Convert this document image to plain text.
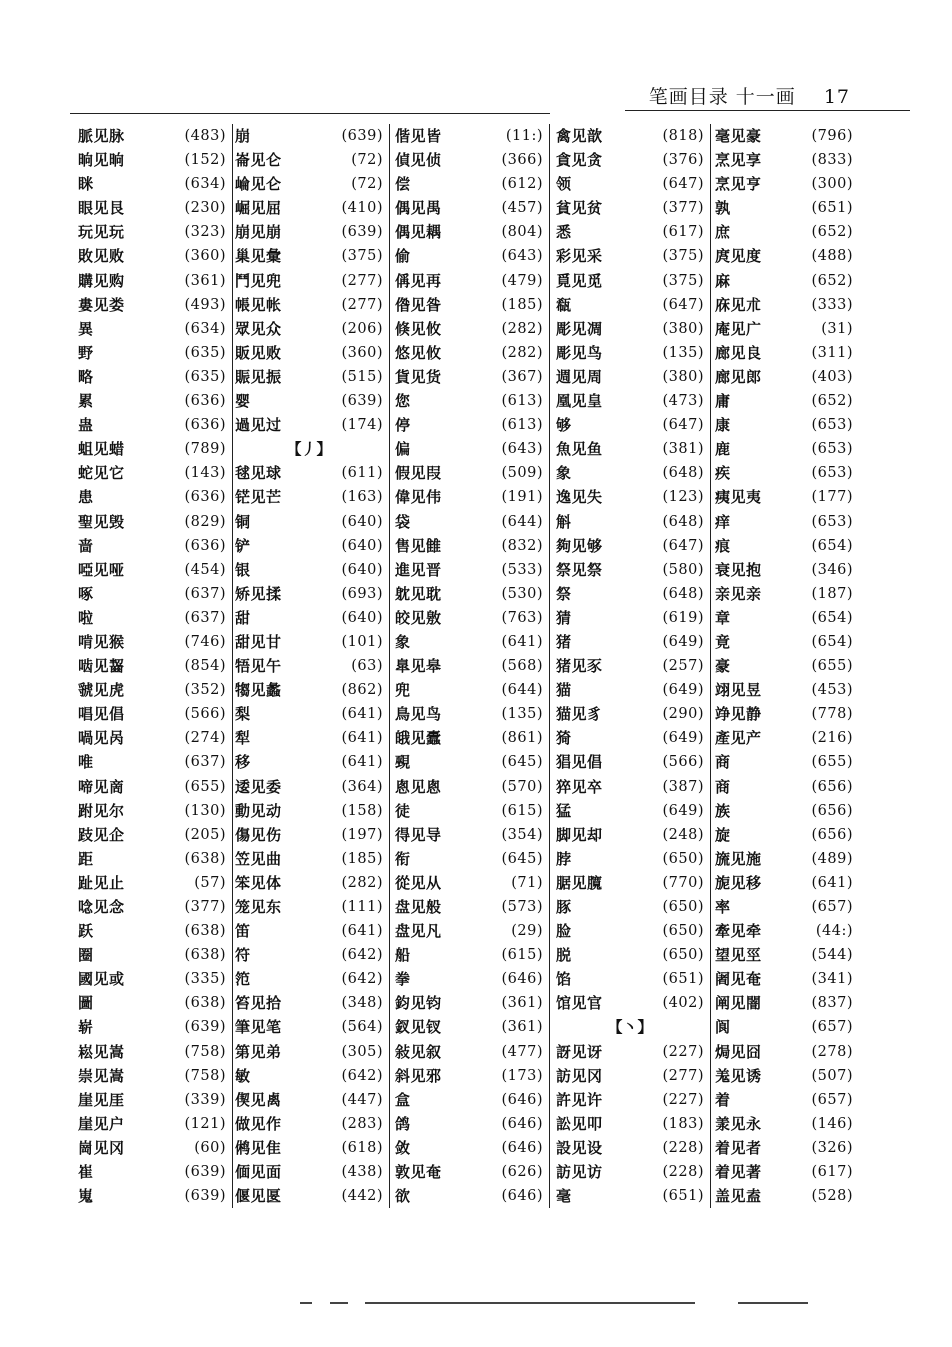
笔画目录 十一画 17
脈见脉	(483)
晌见晌	(152)
眯	(634)
眼见艮	(230)
玩见玩	(323)
敗见败	(360)
購见购	(361)
婁见娄	(493)
異	(634)
野	(635)
略	(635)
累	(636)
蛊	(636)
蛆见蜡	(789)
蛇见它	(143)
患	(636)
聖见毁	(829)
啬	(636)
啞见哑	(454)
啄	(637)
啦	(637)
啃见猴	(746)
啮见齧	(854)
虢见虎	(352)
唱见倡	(566)
喎见呙	(274)
唯	(637)
啼见啇	(655)
跗见尔	(130)
跂见企	(205)
距	(638)
趾见止	(57)
唸见念	(377)
跃	(638)
圈	(638)
國见或	(335)
圖	(638)
崭	(639)
崧见嵩	(758)
崇见嵩	(758)
崖见厓	(339)
崖见户	(121)
崗见冈	(60)
崔	(639)
嵬	(639)
崩	(639)
崙见仑	(72)
崘见仑	(72)
崛见屈	(410)
崩见崩	(639)
巢见彙	(375)
鬥见兜	(277)
帳见帐	(277)
眾见众	(206)
販见败	(360)
賑见振	(515)
婴	(639)
過见过	(174)
【丿】
毬见球	(611)
铓见芒	(163)
铜	(640)
铲	(640)
银	(640)
矫见揉	(693)
甜	(640)
甜见甘	(101)
牾见午	(63)
犓见蠡	(862)
梨	(641)
犁	(641)
移	(641)
逶见委	(364)
動见动	(158)
傷见伤	(197)
笠见曲	(185)
笨见体	(282)
笼见东	(111)
笛	(641)
符	(642)
笵	(642)
笞见拾	(348)
筆见笔	(564)
第见弟	(305)
敏	(642)
偰见禼	(447)
做见作	(283)
鸺见隹	(618)
偭见面	(438)
偃见匽	(442)
偕见皆	(11:)
偵见侦	(366)
偿	(612)
偶见禺	(457)
偶见耦	(804)
偷	(643)
偁见再	(479)
偺见昝	(185)
倏见攸	(282)
悠见攸	(282)
貨见货	(367)
您	(613)
停	(613)
偏	(643)
假见叚	(509)
偉见伟	(191)
袋	(644)
售见雔	(832)
進见晋	(533)
躭见耽	(530)
皎见敫	(763)
象	(641)
臯见皋	(568)
兜	(644)
鳥见鸟	(135)
皒见蠹	(861)
覡	(645)
悤见悤	(570)
徒	(615)
得见导	(354)
衔	(645)
從见从	(71)
盘见般	(573)
盘见凡	(29)
船	(615)
拳	(646)
鈞见钧	(361)
釵见钗	(361)
敍见叙	(477)
斜见邪	(173)
盒	(646)
鸽	(646)
敛	(646)
敦见奄	(626)
欲	(646)
禽见歆	(818)
貪见贪	(376)
领	(647)
貧见贫	(377)
悉	(617)
彩见采	(375)
覓见觅	(375)
瓻	(647)
彫见凋	(380)
彫见鸟	(135)
週见周	(380)
凰见皇	(473)
够	(647)
魚见鱼	(381)
象	(648)
逸见失	(123)
斛	(648)
夠见够	(647)
祭见祭	(580)
祭	(648)
猜	(619)
猪	(649)
猪见豕	(257)
猫	(649)
猫见豸	(290)
猗	(649)
猖见倡	(566)
猝见卒	(387)
猛	(649)
脚见却	(248)
脖	(650)
腒见臗	(770)
豚	(650)
脸	(650)
脱	(650)
馅	(651)
馆见官	(402)
【丶】
訝见讶	(227)
訪见冈	(277)
許见许	(227)
訟见叩	(183)
設见设	(228)
訪见访	(228)
毫	(651)
毫见豪	(796)
烹见享	(833)
烹见亨	(300)
孰	(651)
庶	(652)
庹见度	(488)
麻	(652)
庥见朮	(333)
庵见广	(31)
廊见良	(311)
廊见郎	(403)
庸	(652)
康	(653)
鹿	(653)
疾	(653)
痍见夷	(177)
痒	(653)
痕	(654)
衰见抱	(346)
亲见亲	(187)
章	(654)
竟	(654)
豪	(655)
翊见昱	(453)
竫见静	(778)
產见产	(216)
商	(655)
商	(656)
族	(656)
旋	(656)
旒见施	(489)
旎见移	(641)
率	(657)
牽见牵	(44:)
望见巠	(544)
阇见奄	(341)
阐见闇	(837)
阆	(657)
焗见囧	(278)
羗见诱	(507)
着	(657)
羕见永	(146)
着见者	(326)
着见著	(617)
盖见盍	(528)
